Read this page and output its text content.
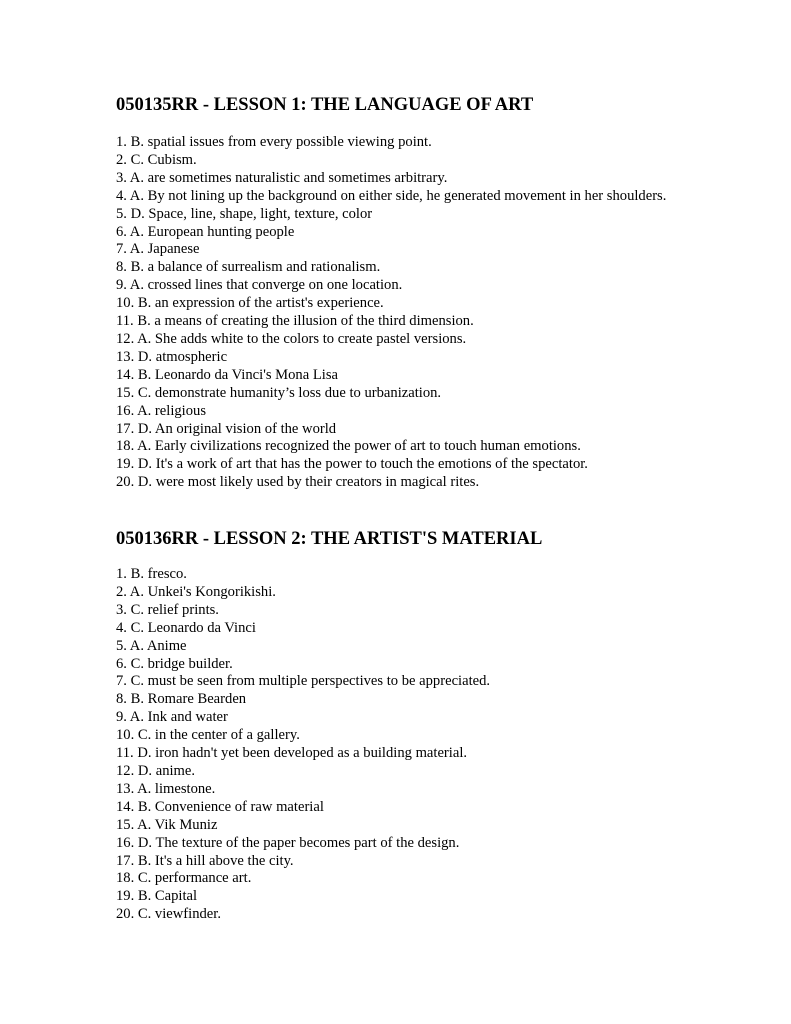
050135RR - LESSON 1: THE LANGUAGE OF ART
1. B. spatial issues from every possible viewing point.
2. C. Cubism.
3. A. are sometimes naturalistic and sometimes arbitrary.
4. A. By not lining up the background on either side, he generated movement in her shoulders.
5. D. Space, line, shape, light, texture, color
6. A. European hunting people
7. A. Japanese
8. B. a balance of surrealism and rationalism.
9. A. crossed lines that converge on one location.
10. B. an expression of the artist's experience.
11. B. a means of creating the illusion of the third dimension.
12. A. She adds white to the colors to create pastel versions.
13. D. atmospheric
14. B. Leonardo da Vinci's Mona Lisa
15. C. demonstrate humanity’s loss due to urbanization.
16. A. religious
17. D. An original vision of the world
18. A. Early civilizations recognized the power of art to touch human emotions.
19. D. It's a work of art that has the power to touch the emotions of the spectator.
20. D. were most likely used by their creators in magical rites.
050136RR - LESSON 2: THE ARTIST'S MATERIAL
1. B. fresco.
2. A. Unkei's Kongorikishi.
3. C. relief prints.
4. C. Leonardo da Vinci
5. A. Anime
6. C. bridge builder.
7. C. must be seen from multiple perspectives to be appreciated.
8. B. Romare Bearden
9. A. Ink and water
10. C. in the center of a gallery.
11. D. iron hadn't yet been developed as a building material.
12. D. anime.
13. A. limestone.
14. B. Convenience of raw material
15. A. Vik Muniz
16. D. The texture of the paper becomes part of the design.
17. B. It's a hill above the city.
18. C. performance art.
19. B. Capital
20. C. viewfinder.
